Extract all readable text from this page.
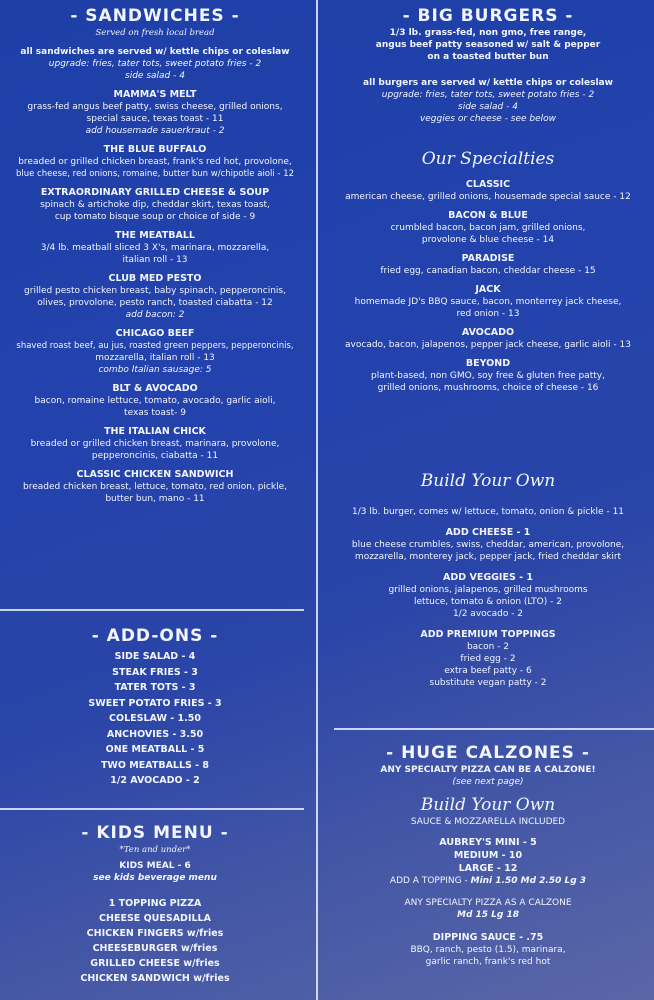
- SANDWICHES -

Served on fresh local bread

all sandwiches are served w/ kettle chips or coleslaw

upgrade: fries, tater tots, sweet potato fries - 2

side salad - 4

MAMMA'S MELT

grass-fed angus beef patty, swiss cheese, grilled onions,

special sauce, texas toast - 11

add housemade sauerkraut - 2

THE BLUE BUFFALO

breaded or grilled chicken breast, frank's red hot, provolone,

blue cheese, red onions, romaine, butter bun w/chipotle aioli - 12

EXTRAORDINARY GRILLED CHEESE & SOUP

spinach & artichoke dip, cheddar skirt, texas toast,

cup tomato bisque soup or choice of side - 9

THE MEATBALL

3/4 lb. meatball sliced 3 X's, marinara, mozzarella,

italian roll - 13

CLUB MED PESTO

grilled pesto chicken breast, baby spinach, pepperoncinis,

olives, provolone, pesto ranch, toasted ciabatta - 12

add bacon: 2

CHICAGO BEEF

shaved roast beef, au jus, roasted green peppers, pepperoncinis,

mozzarella, italian roll - 13

combo Italian sausage: 5

BLT & AVOCADO

bacon, romaine lettuce, tomato, avocado, garlic aioli,

texas toast- 9

THE ITALIAN CHICK

breaded or grilled chicken breast, marinara, provolone,

pepperoncinis, ciabatta - 11

CLASSIC CHICKEN SANDWICH

breaded chicken breast, lettuce, tomato, red onion, pickle,

butter bun, mano - 11

- ADD-ONS -

SIDE SALAD - 4

STEAK FRIES - 3

TATER TOTS - 3

SWEET POTATO FRIES - 3

COLESLAW - 1.50

ANCHOVIES - 3.50

ONE MEATBALL - 5

TWO MEATBALLS - 8

1/2 AVOCADO - 2

- KIDS MENU -

*Ten and under*

KIDS MEAL - 6

see kids beverage menu

1 TOPPING PIZZA

CHEESE QUESADILLA

CHICKEN FINGERS w/fries

CHEESEBURGER w/fries

GRILLED CHEESE w/fries

CHICKEN SANDWICH w/fries

- BIG BURGERS -

1/3 lb. grass-fed, non gmo, free range,

angus beef patty seasoned w/ salt & pepper

on a toasted butter bun

all burgers are served w/ kettle chips or coleslaw

upgrade: fries, tater tots, sweet potato fries - 2

side salad - 4

veggies or cheese - see below

Our Specialties

CLASSIC

american cheese, grilled onions, housemade special sauce - 12

BACON & BLUE

crumbled bacon, bacon jam, grilled onions,

provolone & blue cheese - 14

PARADISE

fried egg, canadian bacon, cheddar cheese - 15

JACK

homemade JD's BBQ sauce, bacon, monterrey jack cheese,

red onion - 13

AVOCADO

avocado, bacon, jalapenos, pepper jack cheese, garlic aioli - 13

BEYOND

plant-based, non GMO, soy free & gluten free patty,

grilled onions, mushrooms, choice of cheese - 16

Build Your Own

1/3 lb. burger, comes w/ lettuce, tomato, onion & pickle - 11

ADD CHEESE - 1

blue cheese crumbles, swiss, cheddar, american, provolone,

mozzarella, monterey jack, pepper jack, fried cheddar skirt

ADD VEGGIES - 1

grilled onions, jalapenos, grilled mushrooms

lettuce, tomato & onion (LTO) - 2

1/2 avocado - 2

ADD PREMIUM TOPPINGS

bacon - 2

fried egg - 2

extra beef patty - 6

substitute vegan patty - 2

- HUGE CALZONES -

ANY SPECIALTY PIZZA CAN BE A CALZONE!

(see next page)

Build Your Own

SAUCE & MOZZARELLA INCLUDED

AUBREY'S MINI - 5

MEDIUM - 10

LARGE - 12

ADD A TOPPING - Mini 1.50 Md 2.50 Lg 3

ANY SPECIALTY PIZZA AS A CALZONE

Md 15 Lg 18

DIPPING SAUCE - .75

BBQ, ranch, pesto (1.5), marinara,

garlic ranch, frank's red hot
